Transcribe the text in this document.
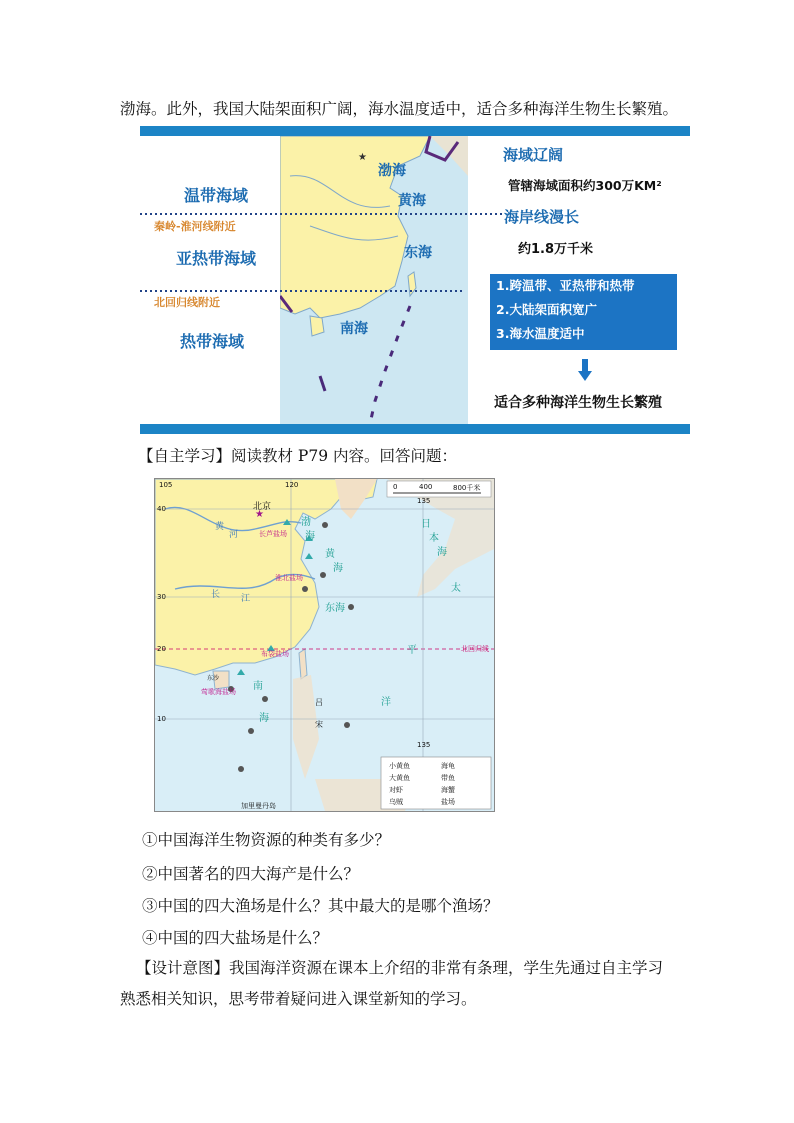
渤海。此外，我国大陆架面积广阔，海水温度适中，适合多种海洋生物生长繁殖。
★
渤海
黄海
东海
南海
温带海域
秦岭-淮河线附近
亚热带海域
北回归线附近
热带海域
海域辽阔
管辖海域面积约300万KM²
海岸线漫长
约1.8万千米
1.跨温带、亚热带和热带
2.大陆架面积宽广
3.海水温度适中
适合多种海洋生物生长繁殖
【自主学习】阅读教材 P79 内容。回答问题：
0	400	800千米
120
135
105
135
40
30
20
10
北京
★
渤
海
黄
海
东海
南
海
日
本
海
太
平
洋
吕
宋
长芦盐场
淮北盐场
布袋盐场
莺歌海盐场
加里曼丹岛
北回归线
东沙
黄
河
长 江
小黄鱼	海龟
大黄鱼	带鱼
对虾	海蟹
乌贼	盐场
①中国海洋生物资源的种类有多少？
②中国著名的四大海产是什么？
③中国的四大渔场是什么？其中最大的是哪个渔场？
④中国的四大盐场是什么？
【设计意图】我国海洋资源在课本上介绍的非常有条理，学生先通过自主学习
熟悉相关知识，思考带着疑问进入课堂新知的学习。
